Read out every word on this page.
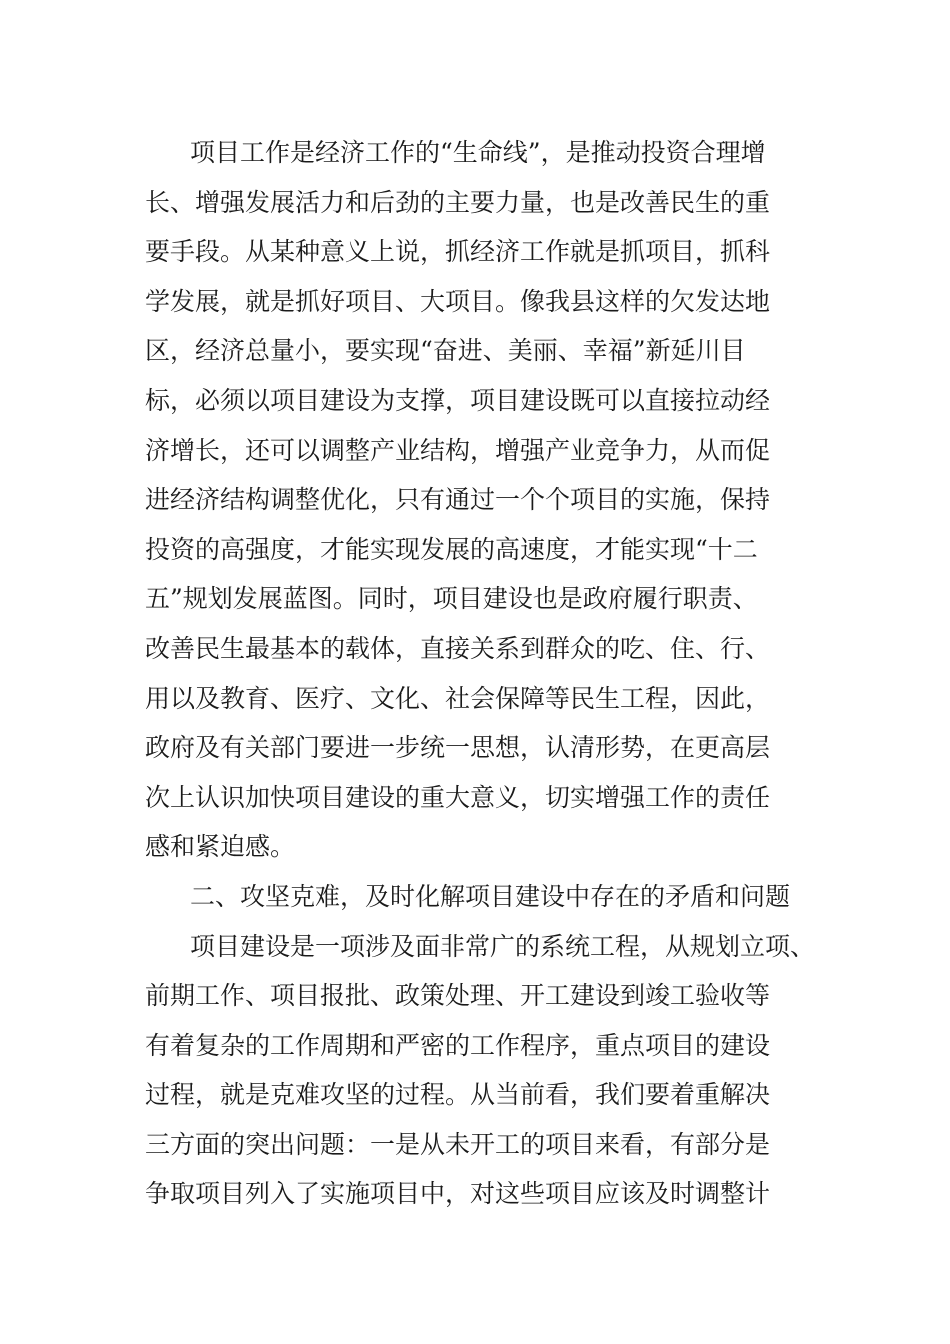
项目工作是经济工作的“生命线”，是推动投资合理增
长、增强发展活力和后劲的主要力量，也是改善民生的重
要手段。从某种意义上说，抓经济工作就是抓项目，抓科
学发展，就是抓好项目、大项目。像我县这样的欠发达地
区，经济总量小，要实现“奋进、美丽、幸福”新延川目
标，必须以项目建设为支撑，项目建设既可以直接拉动经
济增长，还可以调整产业结构，增强产业竞争力，从而促
进经济结构调整优化，只有通过一个个项目的实施，保持
投资的高强度，才能实现发展的高速度，才能实现“十二
五”规划发展蓝图。同时，项目建设也是政府履行职责、
改善民生最基本的载体，直接关系到群众的吃、住、行、
用以及教育、医疗、文化、社会保障等民生工程，因此，
政府及有关部门要进一步统一思想，认清形势，在更高层
次上认识加快项目建设的重大意义，切实增强工作的责任
感和紧迫感。
二、攻坚克难，及时化解项目建设中存在的矛盾和问题
项目建设是一项涉及面非常广的系统工程，从规划立项、
前期工作、项目报批、政策处理、开工建设到竣工验收等
有着复杂的工作周期和严密的工作程序，重点项目的建设
过程，就是克难攻坚的过程。从当前看，我们要着重解决
三方面的突出问题：一是从未开工的项目来看，有部分是
争取项目列入了实施项目中，对这些项目应该及时调整计
